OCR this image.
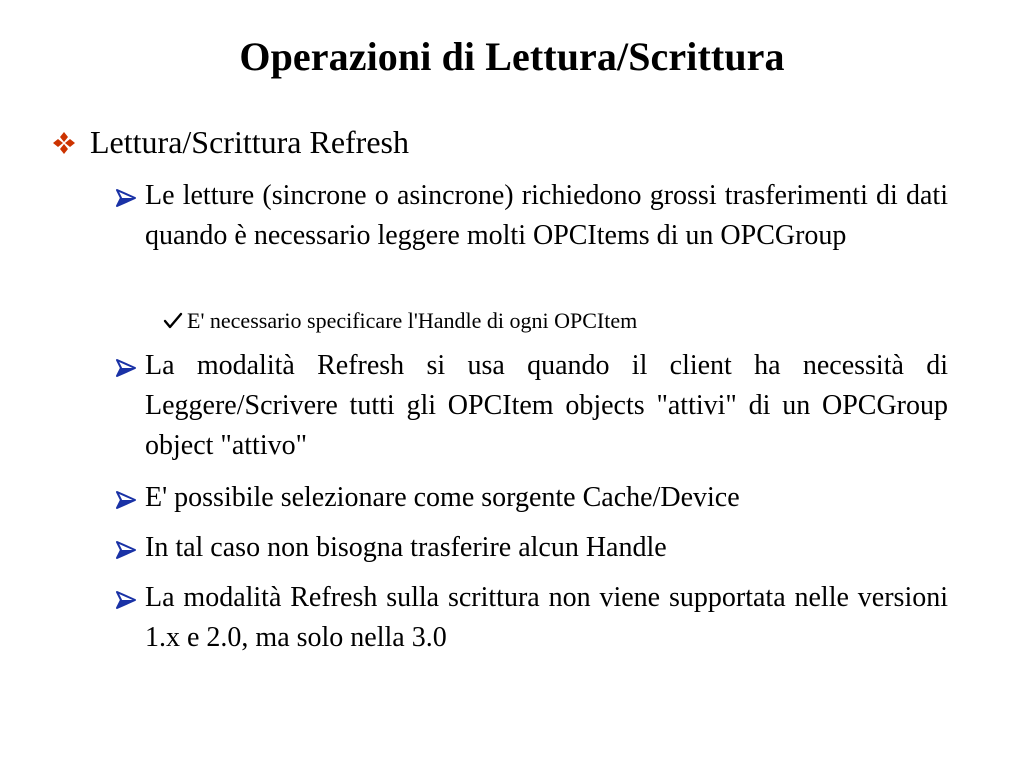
Operazioni di Lettura/Scrittura
Lettura/Scrittura Refresh
Le letture (sincrone o asincrone) richiedono grossi trasferimenti di dati quando è necessario leggere molti OPCItems di un OPCGroup
E' necessario specificare l'Handle di ogni OPCItem
La modalità Refresh si usa quando il client ha necessità di Leggere/Scrivere tutti gli OPCItem objects "attivi" di un OPCGroup object "attivo"
E' possibile selezionare come sorgente Cache/Device
In tal caso non bisogna trasferire alcun Handle
La modalità Refresh sulla scrittura non viene supportata nelle versioni 1.x e 2.0, ma solo nella 3.0
